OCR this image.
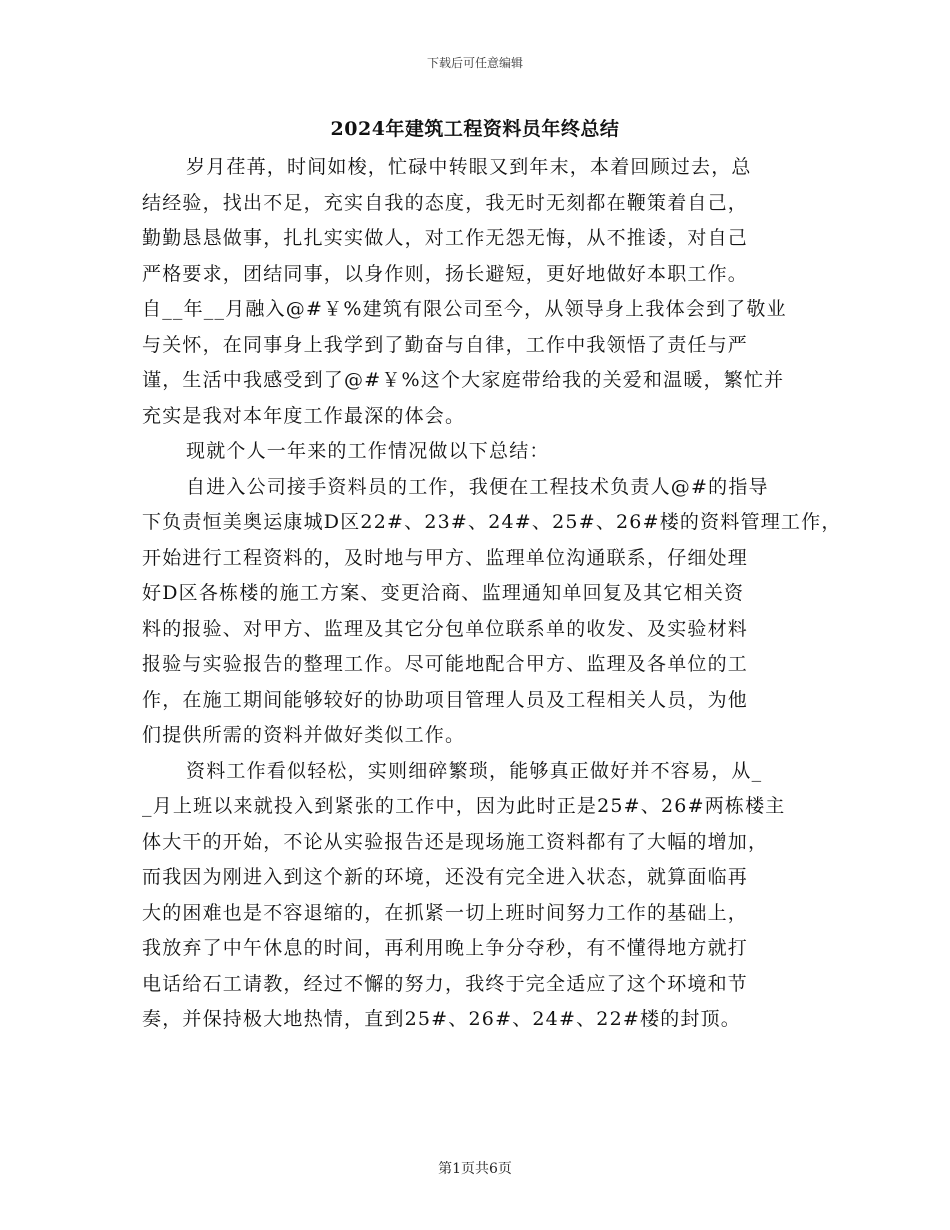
下载后可任意编辑
2024年建筑工程资料员年终总结
岁月荏苒，时间如梭，忙碌中转眼又到年末，本着回顾过去，总
结经验，找出不足，充实自我的态度，我无时无刻都在鞭策着自己，
勤勤恳恳做事，扎扎实实做人，对工作无怨无悔，从不推诿，对自己
严格要求，团结同事，以身作则，扬长避短，更好地做好本职工作。
自__年__月融入@#￥%建筑有限公司至今，从领导身上我体会到了敬业
与关怀，在同事身上我学到了勤奋与自律，工作中我领悟了责任与严
谨，生活中我感受到了@#￥%这个大家庭带给我的关爱和温暖，繁忙并
充实是我对本年度工作最深的体会。
现就个人一年来的工作情况做以下总结：
自进入公司接手资料员的工作，我便在工程技术负责人@#的指导
下负责恒美奥运康城D区22#、23#、24#、25#、26#楼的资料管理工作，
开始进行工程资料的，及时地与甲方、监理单位沟通联系，仔细处理
好D区各栋楼的施工方案、变更洽商、监理通知单回复及其它相关资
料的报验、对甲方、监理及其它分包单位联系单的收发、及实验材料
报验与实验报告的整理工作。尽可能地配合甲方、监理及各单位的工
作，在施工期间能够较好的协助项目管理人员及工程相关人员，为他
们提供所需的资料并做好类似工作。
资料工作看似轻松，实则细碎繁琐，能够真正做好并不容易，从_
_月上班以来就投入到紧张的工作中，因为此时正是25#、26#两栋楼主
体大干的开始，不论从实验报告还是现场施工资料都有了大幅的增加，
而我因为刚进入到这个新的环境，还没有完全进入状态，就算面临再
大的困难也是不容退缩的，在抓紧一切上班时间努力工作的基础上，
我放弃了中午休息的时间，再利用晚上争分夺秒，有不懂得地方就打
电话给石工请教，经过不懈的努力，我终于完全适应了这个环境和节
奏，并保持极大地热情，直到25#、26#、24#、22#楼的封顶。
第1页共6页
